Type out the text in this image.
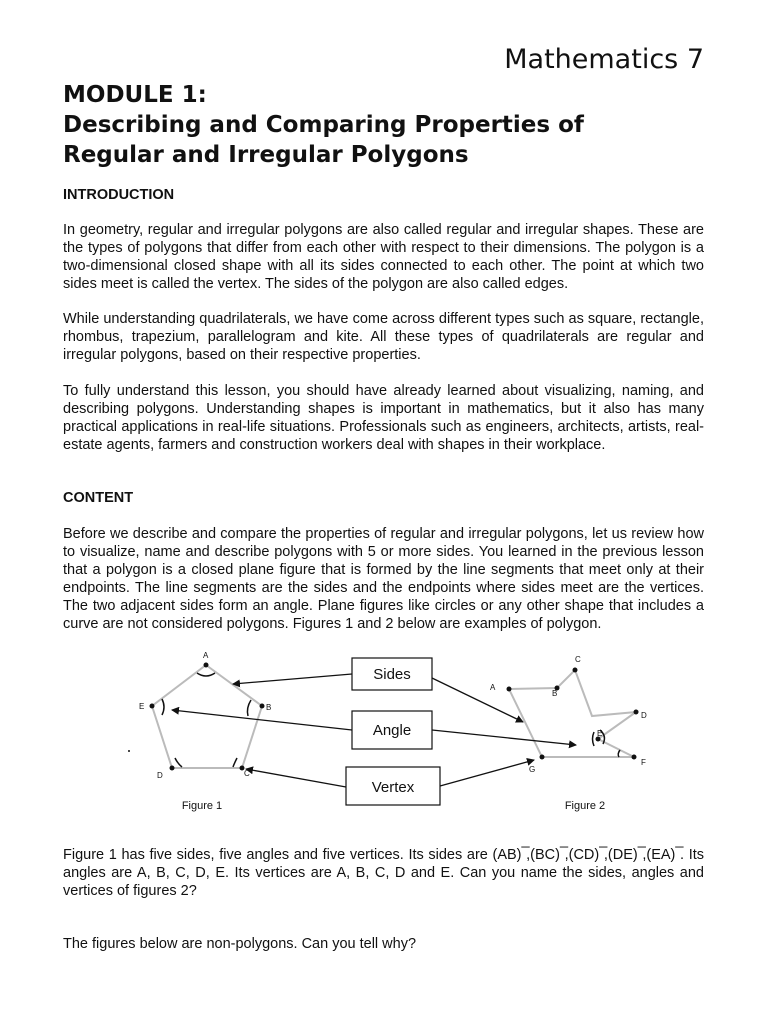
Mathematics 7
MODULE 1:
Describing and Comparing Properties of
Regular and Irregular Polygons
INTRODUCTION

In geometry, regular and irregular polygons are also called regular and irregular shapes. These are the types of polygons that differ from each other with respect to their dimensions. The polygon is a two-dimensional closed shape with all its sides connected to each other. The point at which two sides meet is called the vertex. The sides of the polygon are also called edges.

While understanding quadrilaterals, we have come across different types such as square, rectangle, rhombus, trapezium, parallelogram and kite. All these types of quadrilaterals are regular and irregular polygons, based on their respective properties.

To fully understand this lesson, you should have already learned about visualizing, naming, and describing polygons. Understanding shapes is important in mathematics, but it also has many practical applications in real-life situations. Professionals such as engineers, architects, artists, real-estate agents, farmers and construction workers deal with shapes in their workplace.

CONTENT

Before we describe and compare the properties of regular and irregular polygons, let us review how to visualize, name and describe polygons with 5 or more sides. You learned in the previous lesson that a polygon is a closed plane figure that is formed by the line segments that meet only at their endpoints. The line segments are the sides and the endpoints where sides meet are the vertices. The two adjacent sides form an angle. Plane figures like circles or any other shape that includes a curve are not considered polygons. Figures 1 and 2 below are examples of polygon.

A
B
C
D
E
A
B
C
D
E
F
G
Sides
Angle
Vertex
Figure 1	Figure 2

Figure 1 has five sides, five angles and five vertices. Its sides are (AB) ̅,(BC) ̅,(CD) ̅,(DE) ̅,(EA) ̅. Its angles are A, B, C, D, E. Its vertices are A, B, C, D and E. Can you name the sides, angles and vertices of figures 2?

The figures below are non-polygons. Can you tell why?
